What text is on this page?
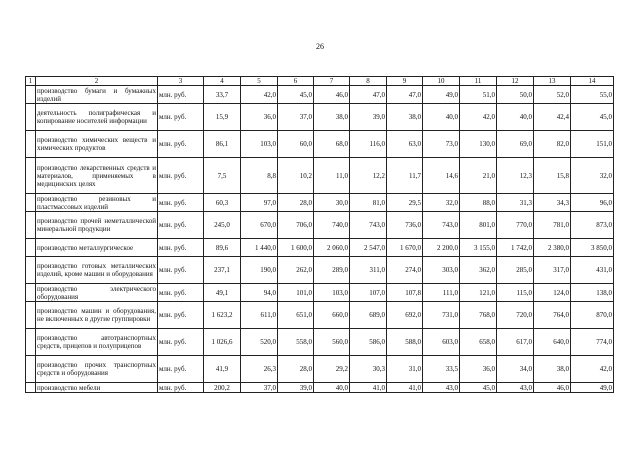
26
1	2	3	4	5	6	7	8	9	10	11	12	13	14
	производство бумаги и бумажных изделий	млн. руб.	33,7	42,0	45,0	46,0	47,0	47,0	49,0	51,0	50,0	52,0	55,0
	деятельность полиграфическая и копирование носителей информации	млн. руб.	15,9	36,0	37,0	38,0	39,0	38,0	40,0	42,0	40,0	42,4	45,0
	производство химических веществ и химических продуктов	млн. руб.	86,1	103,0	60,0	68,0	116,0	63,0	73,0	130,0	69,0	82,0	151,0
	производство лекарственных средств и материалов, применяемых в медицинских целях	млн. руб.	7,5	8,8	10,2	11,0	12,2	11,7	14,6	21,0	12,3	15,8	32,0
	производство резиновых и пластмассовых изделий	млн. руб.	60,3	97,0	28,0	30,0	81,0	29,5	32,0	88,0	31,3	34,3	96,0
	производство прочей неметаллической минеральной продукции	млн. руб.	245,0	670,0	706,0	740,0	743,0	736,0	743,0	801,0	770,0	781,0	873,0
	производство металлургическое	млн. руб.	89,6	1 440,0	1 600,0	2 060,0	2 547,0	1 670,0	2 200,0	3 155,0	1 742,0	2 380,0	3 850,0
	производство готовых металлических изделий, кроме машин и оборудования	млн. руб.	237,1	190,0	262,0	289,0	311,0	274,0	303,0	362,0	285,0	317,0	431,0
	производство электрического оборудования	млн. руб.	49,1	94,0	101,0	103,0	107,0	107,8	111,0	121,0	115,0	124,0	138,0
	производство машин и оборудования, не включенных в другие группировки	млн. руб.	1 623,2	611,0	651,0	660,0	689,0	692,0	731,0	768,0	720,0	764,0	870,0
	производство автотранспортных средств, прицепов и полуприцепов	млн. руб.	1 026,6	520,0	558,0	560,0	586,0	588,0	603,0	658,0	617,0	640,0	774,0
	производство прочих транспортных средств и оборудования	млн. руб.	41,9	26,3	28,0	29,2	30,3	31,0	33,5	36,0	34,0	38,0	42,0
	производство мебели	млн. руб.	200,2	37,0	39,0	40,0	41,0	41,0	43,0	45,0	43,0	46,0	49,0
